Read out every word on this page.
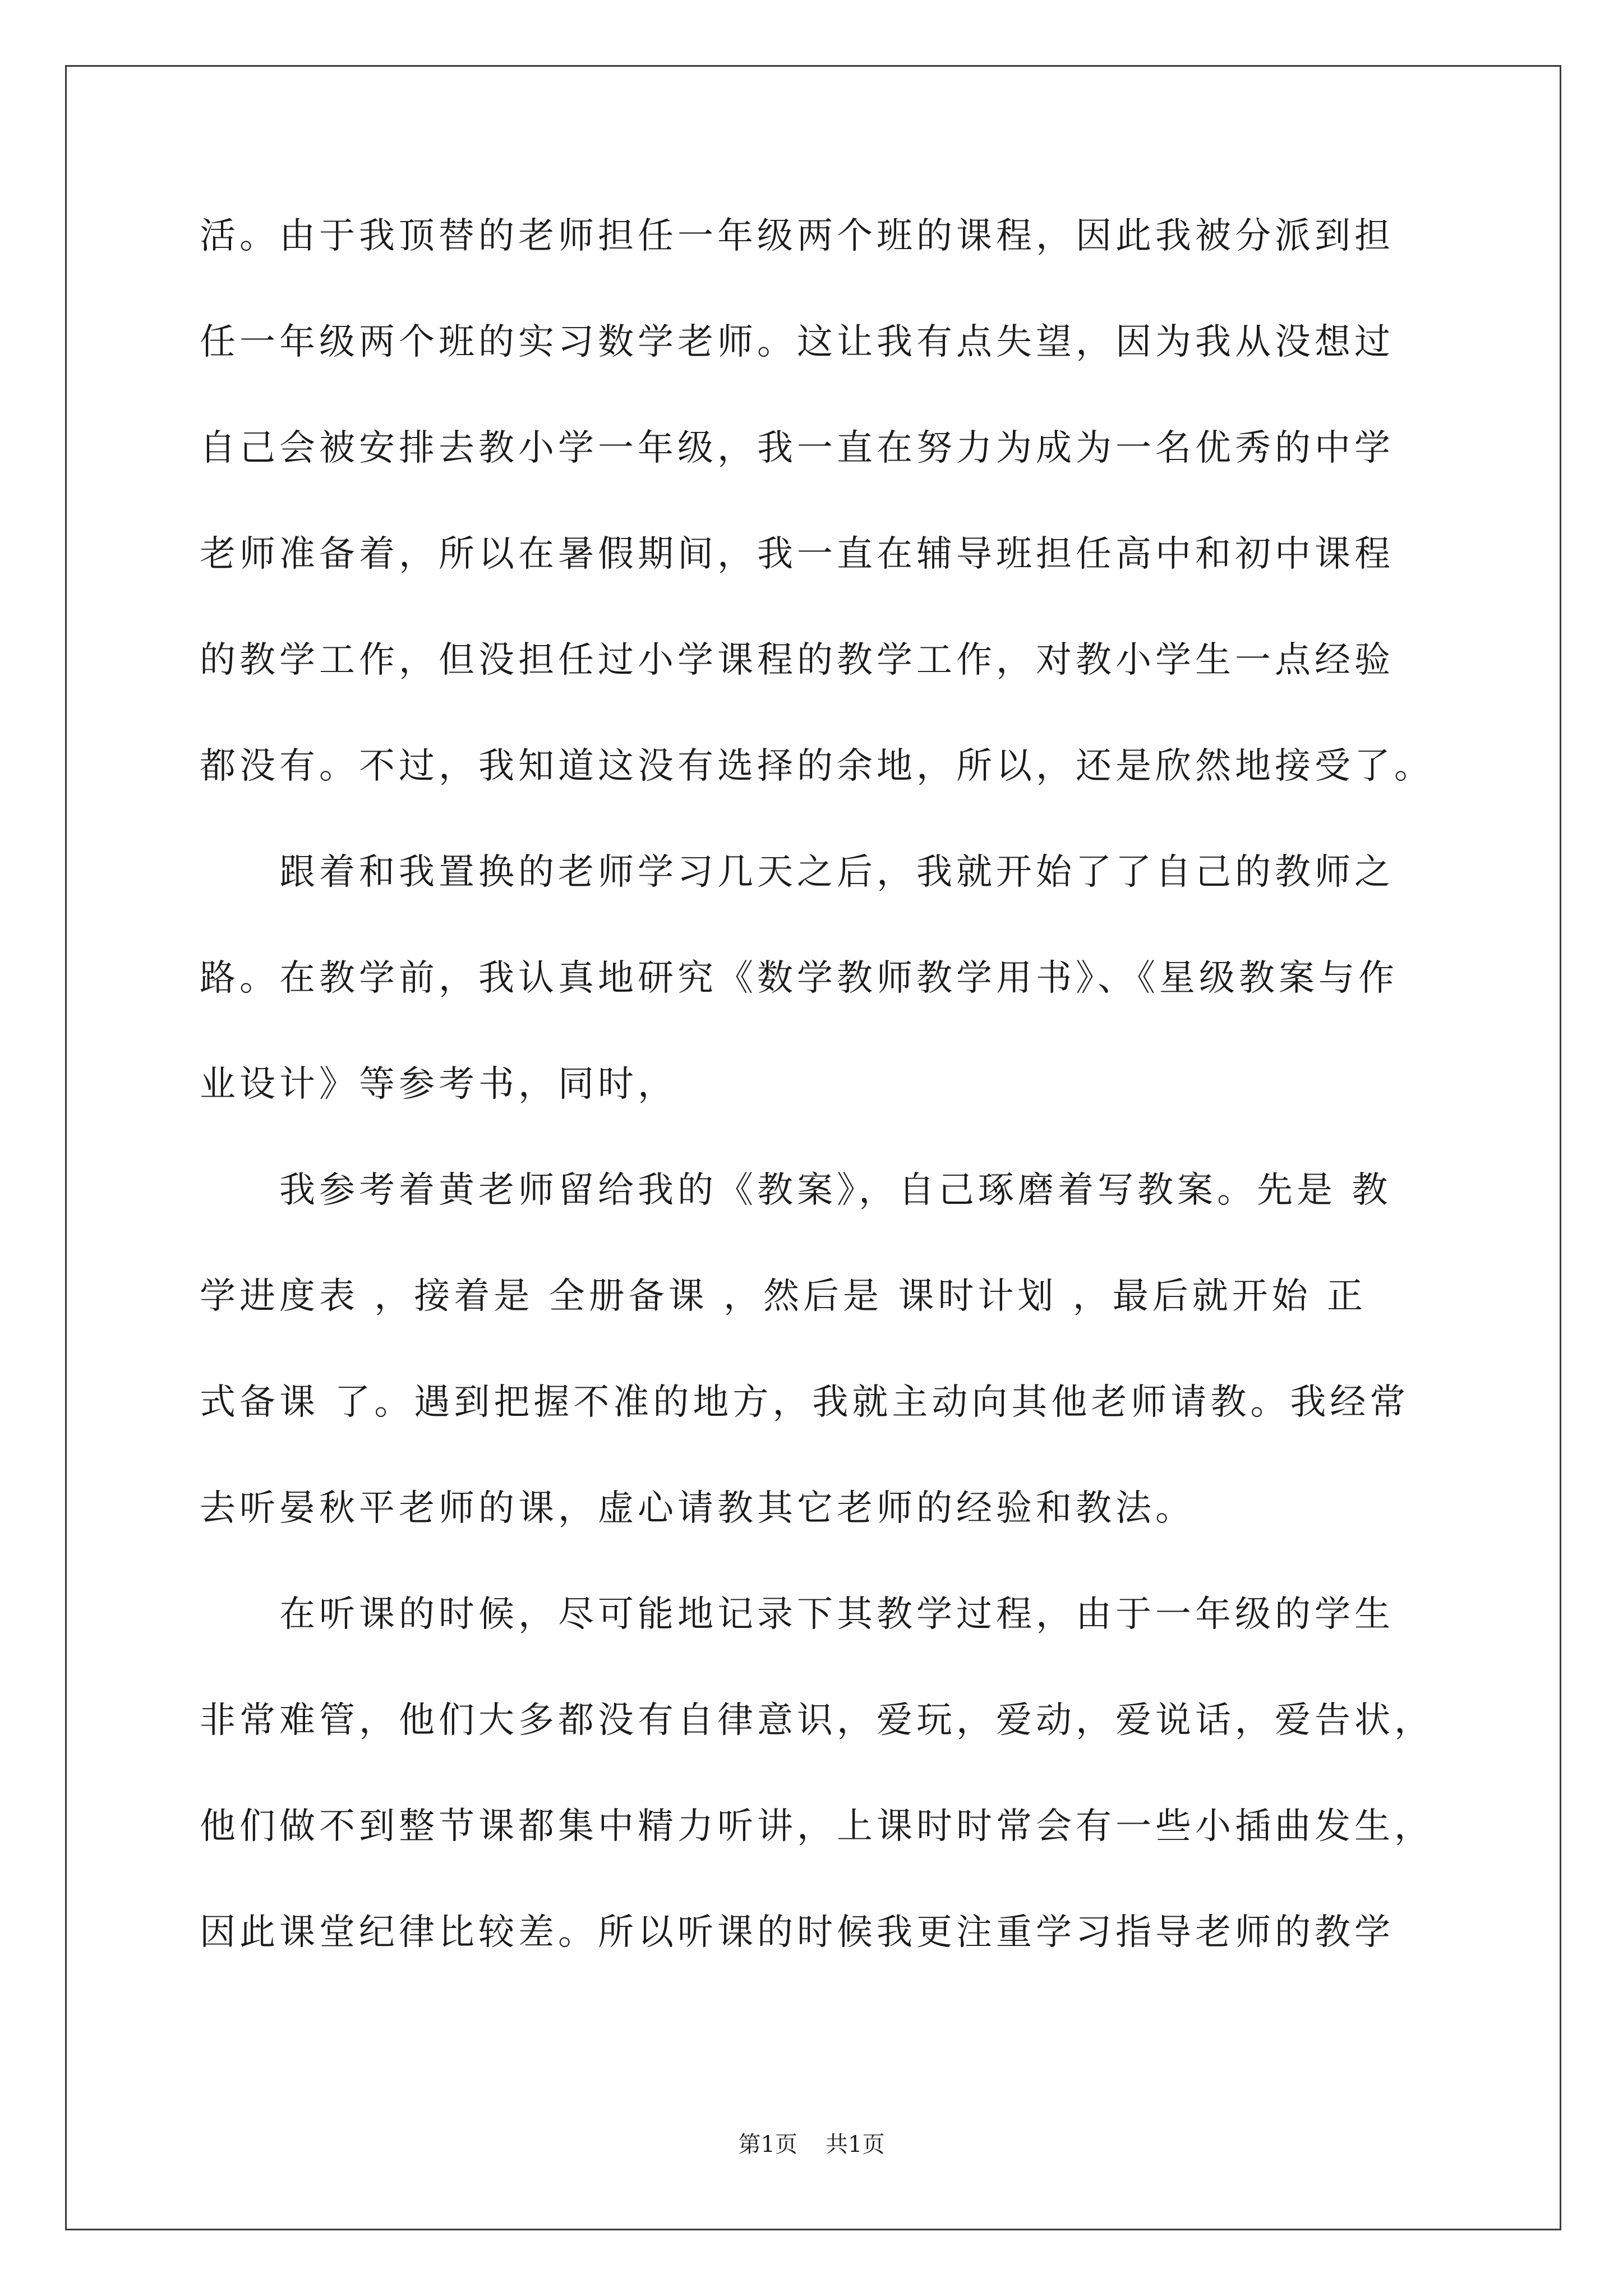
活。由于我顶替的老师担任一年级两个班的课程，因此我被分派到担
任一年级两个班的实习数学老师。这让我有点失望，因为我从没想过
自己会被安排去教小学一年级，我一直在努力为成为一名优秀的中学
老师准备着，所以在暑假期间，我一直在辅导班担任高中和初中课程
的教学工作，但没担任过小学课程的教学工作，对教小学生一点经验
都没有。不过，我知道这没有选择的余地，所以，还是欣然地接受了。
　　跟着和我置换的老师学习几天之后，我就开始了了自己的教师之
路。在教学前，我认真地研究《数学教师教学用书》、《星级教案与作
业设计》等参考书，同时，
　　我参考着黄老师留给我的《教案》，自己琢磨着写教案。先是 教
学进度表 ，接着是 全册备课 ，然后是 课时计划 ，最后就开始 正
式备课 了。遇到把握不准的地方，我就主动向其他老师请教。我经常
去听晏秋平老师的课，虚心请教其它老师的经验和教法。
　　在听课的时候，尽可能地记录下其教学过程，由于一年级的学生
非常难管，他们大多都没有自律意识，爱玩，爱动，爱说话，爱告状，
他们做不到整节课都集中精力听讲，上课时时常会有一些小插曲发生，
因此课堂纪律比较差。所以听课的时候我更注重学习指导老师的教学
第1页 共1页
